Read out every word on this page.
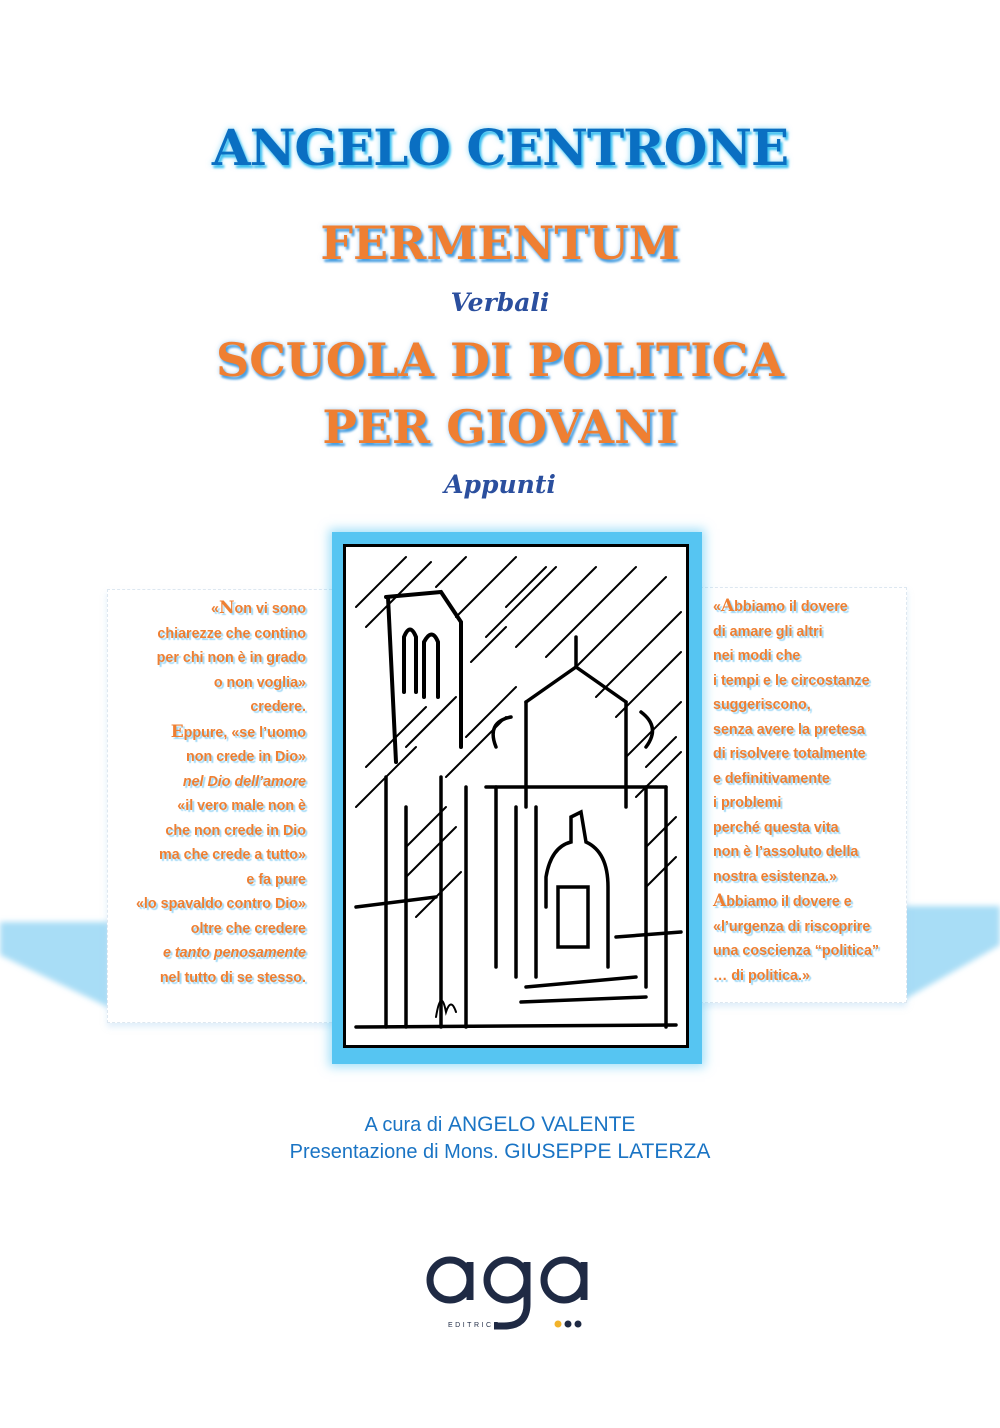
ANGELO CENTRONE
FERMENTUM
Verbali
SCUOLA DI POLITICA
PER GIOVANI
Appunti
«Non vi sono
chiarezze che contino
per chi non è in grado
o non voglia»
credere.
Eppure, «se l’uomo
non crede in Dio»
nel Dio dell’amore
«il vero male non è
che non crede in Dio
ma che crede a tutto»
e fa pure
«lo spavaldo contro Dio»
oltre che credere
e tanto penosamente
nel tutto di se stesso.
«Abbiamo il dovere
di amare gli altri
nei modi che
i tempi e le circostanze
suggeriscono,
senza avere la pretesa
di risolvere totalmente
e definitivamente
i problemi
perché questa vita
non è l’assoluto della
nostra esistenza.»
Abbiamo il dovere e
«l’urgenza di riscoprire
una coscienza “politica”
… di politica.»
A cura di ANGELO VALENTE
Presentazione di Mons. GIUSEPPE LATERZA
EDITRICE
